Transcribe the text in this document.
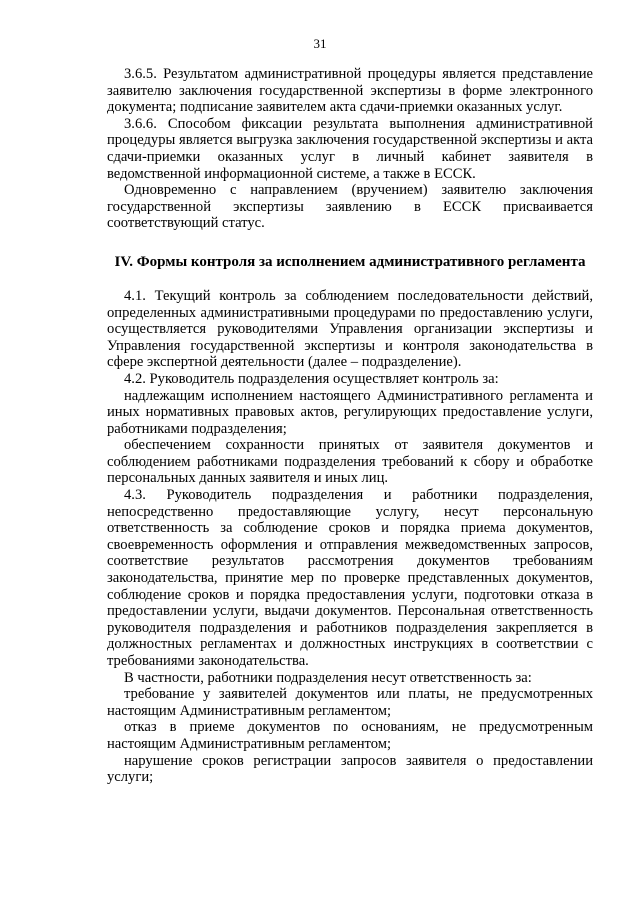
31

3.6.5. Результатом административной процедуры является представление заявителю заключения государственной экспертизы в форме электронного документа; подписание заявителем акта сдачи-приемки оказанных услуг.

3.6.6. Способом фиксации результата выполнения административной процедуры является выгрузка заключения государственной экспертизы и акта сдачи-приемки оказанных услуг в личный кабинет заявителя в ведомственной информационной системе, а также в ЕССК.

Одновременно с направлением (вручением) заявителю заключения государственной экспертизы заявлению в ЕССК присваивается соответствующий статус.

IV. Формы контроля за исполнением административного регламента

4.1. Текущий контроль за соблюдением последовательности действий, определенных административными процедурами по предоставлению услуги, осуществляется руководителями Управления организации экспертизы и Управления государственной экспертизы и контроля законодательства в сфере экспертной деятельности (далее – подразделение).

4.2. Руководитель подразделения осуществляет контроль за:

надлежащим исполнением настоящего Административного регламента и иных нормативных правовых актов, регулирующих предоставление услуги, работниками подразделения;

обеспечением сохранности принятых от заявителя документов и соблюдением работниками подразделения требований к сбору и обработке персональных данных заявителя и иных лиц.

4.3. Руководитель подразделения и работники подразделения, непосредственно предоставляющие услугу, несут персональную ответственность за соблюдение сроков и порядка приема документов, своевременность оформления и отправления межведомственных запросов, соответствие результатов рассмотрения документов требованиям законодательства, принятие мер по проверке представленных документов, соблюдение сроков и порядка предоставления услуги, подготовки отказа в предоставлении услуги, выдачи документов. Персональная ответственность руководителя подразделения и работников подразделения закрепляется в должностных регламентах и должностных инструкциях в соответствии с требованиями законодательства.

В частности, работники подразделения несут ответственность за:

требование у заявителей документов или платы, не предусмотренных настоящим Административным регламентом;

отказ в приеме документов по основаниям, не предусмотренным настоящим Административным регламентом;

нарушение сроков регистрации запросов заявителя о предоставлении услуги;
